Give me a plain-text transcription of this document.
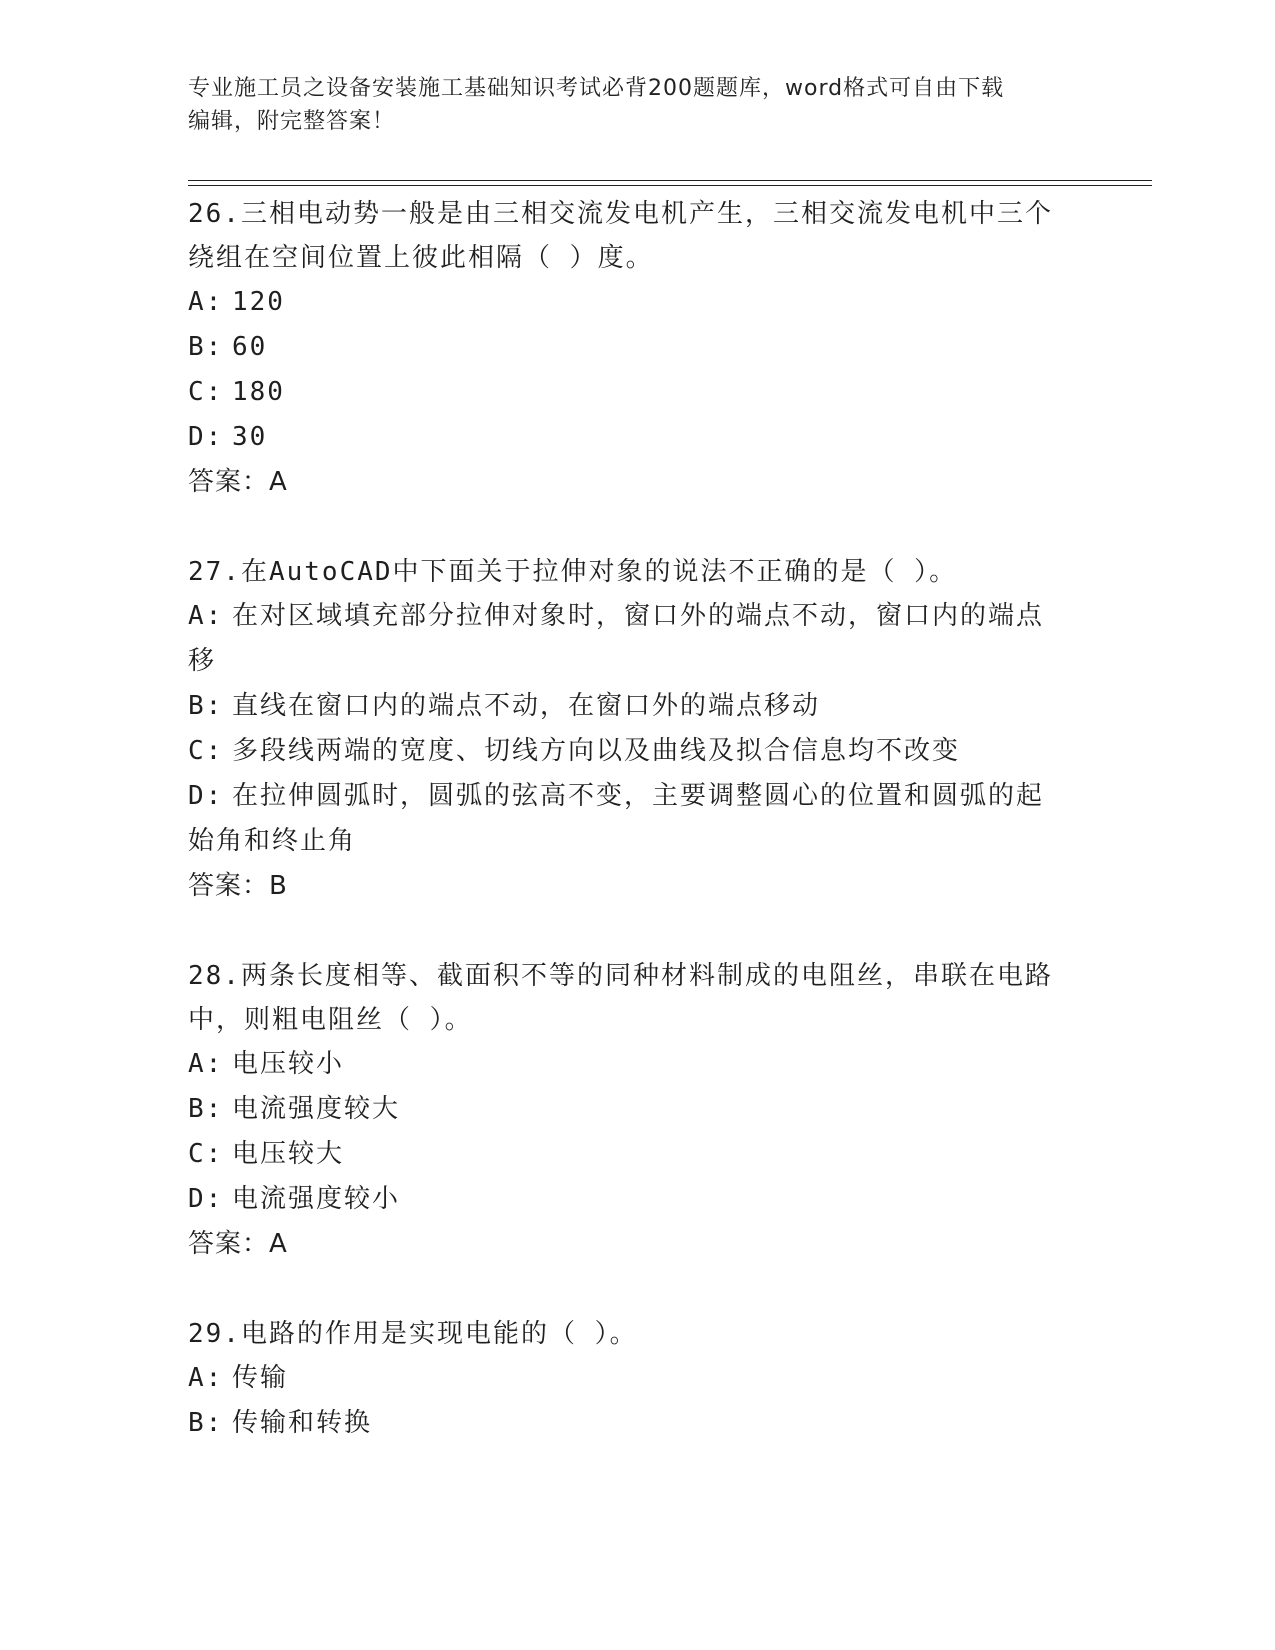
专业施工员之设备安装施工基础知识考试必背200题题库，word格式可自由下载
编辑，附完整答案！
26.三相电动势一般是由三相交流发电机产生，三相交流发电机中三个
绕组在空间位置上彼此相隔（ ）度。
A: 120
B: 60
C: 180
D: 30
答案：A
27.在AutoCAD中下面关于拉伸对象的说法不正确的是（ ）。
A: 在对区域填充部分拉伸对象时，窗口外的端点不动，窗口内的端点
移
B: 直线在窗口内的端点不动，在窗口外的端点移动
C: 多段线两端的宽度、切线方向以及曲线及拟合信息均不改变
D: 在拉伸圆弧时，圆弧的弦高不变，主要调整圆心的位置和圆弧的起
始角和终止角
答案：B
28.两条长度相等、截面积不等的同种材料制成的电阻丝，串联在电路
中，则粗电阻丝（ ）。
A: 电压较小
B: 电流强度较大
C: 电压较大
D: 电流强度较小
答案：A
29.电路的作用是实现电能的（ ）。
A: 传输
B: 传输和转换
